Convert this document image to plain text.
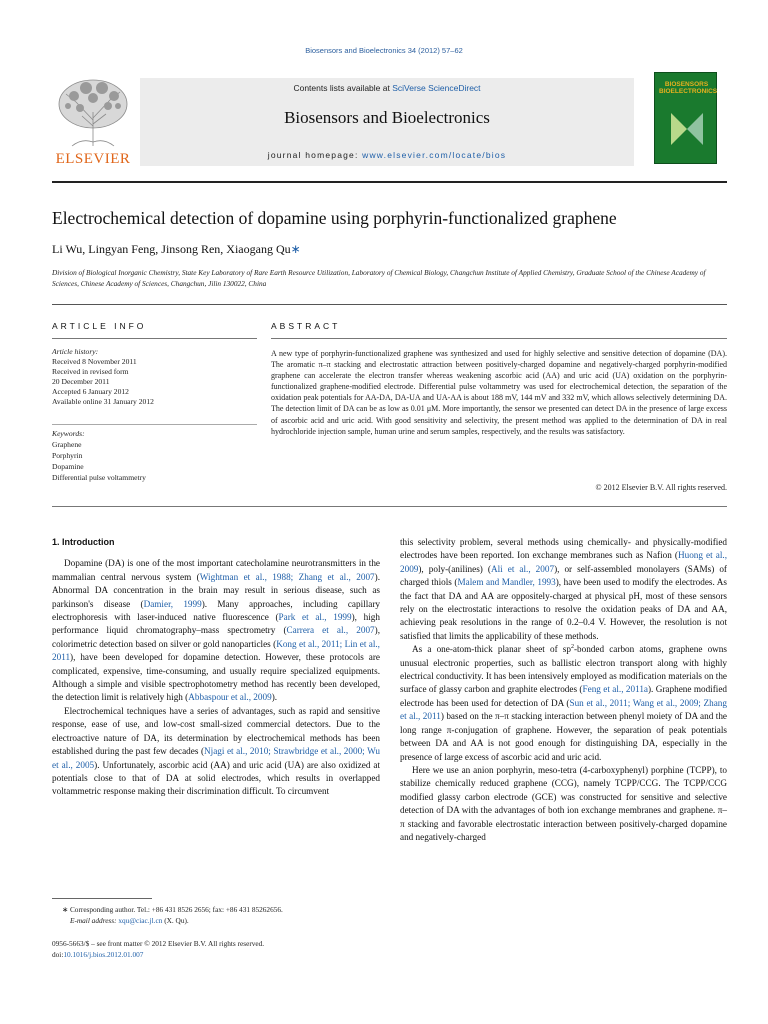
Biosensors and Bioelectronics 34 (2012) 57–62
ELSEVIER
Contents lists available at SciVerse ScienceDirect
Biosensors and Bioelectronics
journal homepage: www.elsevier.com/locate/bios
BIOSENSORS BIOELECTRONICS
Electrochemical detection of dopamine using porphyrin-functionalized graphene
Li Wu, Lingyan Feng, Jinsong Ren, Xiaogang Qu∗
Division of Biological Inorganic Chemistry, State Key Laboratory of Rare Earth Resource Utilization, Laboratory of Chemical Biology, Changchun Institute of Applied Chemistry, Graduate School of the Chinese Academy of Sciences, Chinese Academy of Sciences, Changchun, Jilin 130022, China
ARTICLE INFO	ABSTRACT
Article history:
Received 8 November 2011
Received in revised form
20 December 2011
Accepted 6 January 2012
Available online 31 January 2012
Keywords:
Graphene
Porphyrin
Dopamine
Differential pulse voltammetry
A new type of porphyrin-functionalized graphene was synthesized and used for highly selective and sensitive detection of dopamine (DA). The aromatic π–π stacking and electrostatic attraction between positively-charged dopamine and negatively-charged porphyrin-modified graphene can accelerate the electron transfer whereas weakening ascorbic acid (AA) and uric acid (UA) oxidation on the porphyrin-functionalized graphene-modified electrode. Differential pulse voltammetry was used for electrochemical detection, the separation of the oxidation peak potentials for AA-DA, DA-UA and UA-AA is about 188 mV, 144 mV and 332 mV, which allows selectively determining DA. The detection limit of DA can be as low as 0.01 μM. More importantly, the sensor we presented can detect DA in the presence of large excess of ascorbic acid and uric acid. With good sensitivity and selectivity, the present method was applied to the determination of DA in real hydrochloride injection sample, human urine and serum samples, respectively, and the results was satisfactory.
© 2012 Elsevier B.V. All rights reserved.
1. Introduction

Dopamine (DA) is one of the most important catecholamine neurotransmitters in the mammalian central nervous system (Wightman et al., 1988; Zhang et al., 2007). Abnormal DA concentration in the brain may result in serious disease, such as parkinson's disease (Damier, 1999). Many approaches, including capillary electrophoresis with laser-induced native fluorescence (Park et al., 1999), high performance liquid chromatography–mass spectrometry (Carrera et al., 2007), colorimetric detection based on silver or gold nanoparticles (Kong et al., 2011; Lin et al., 2011), have been developed for dopamine detection. However, these protocols are complicated, expensive, time-consuming, and usually require specialized equipments. Although a simple and visible spectrophotometry method has recently been developed, the detection limit is relatively high (Abbaspour et al., 2009).

Electrochemical techniques have a series of advantages, such as rapid and sensitive response, ease of use, and low-cost small-sized commercial detectors. Due to the electroactive nature of DA, its determination by electrochemical methods has been established during the past few decades (Njagi et al., 2010; Strawbridge et al., 2000; Wu et al., 2005). Unfortunately, ascorbic acid (AA) and uric acid (UA) are also oxidized at potentials close to that of DA at solid electrodes, which results in overlapped voltammetric response making their discrimination difficult. To circumvent

this selectivity problem, several methods using chemically- and physically-modified electrodes have been reported. Ion exchange membranes such as Nafion (Huong et al., 2009), poly-(anilines) (Ali et al., 2007), or self-assembled monolayers (SAMs) of charged thiols (Malem and Mandler, 1993), have been used to modify the electrodes. As the fact that DA and AA are oppositely-charged at physical pH, most of these sensors rely on the electrostatic interactions to resolve the oxidation peaks of DA and AA, achieving peak resolutions in the range of 0.2–0.4 V. However, the resolution is not satisfied that limits the applicability of these methods.

As a one-atom-thick planar sheet of $sp^2$-bonded carbon atoms, graphene owns unusual electronic properties, such as ballistic electron transport along with highly electrical conductivity. It has been intensively employed as modification materials on the surface of glassy carbon and graphite electrodes (Feng et al., 2011a). Graphene modified electrode has been used for detection of DA (Sun et al., 2011; Wang et al., 2009; Zhang et al., 2011) based on the π–π stacking interaction between phenyl moiety of DA and the long range π-conjugation of graphene. However, the separation of peak potentials between DA and AA is not good enough for distinguishing DA, especially in the presence of large excess of ascorbic acid and uric acid.

Here we use an anion porphyrin, meso-tetra (4-carboxyphenyl) porphine (TCPP), to stabilize chemically reduced graphene (CCG), namely TCPP/CCG. The TCPP/CCG modified glassy carbon electrode (GCE) was constructed for sensitive and selective detection of DA with the advantages of both ion exchange membranes and graphene. π–π stacking and favorable electrostatic interaction between positively-charged dopamine and negatively-charged

∗ Corresponding author. Tel.: +86 431 8526 2656; fax: +86 431 85262656.
E-mail address: xqu@ciac.jl.cn (X. Qu).
0956-5663/$ – see front matter © 2012 Elsevier B.V. All rights reserved.
doi:10.1016/j.bios.2012.01.007
